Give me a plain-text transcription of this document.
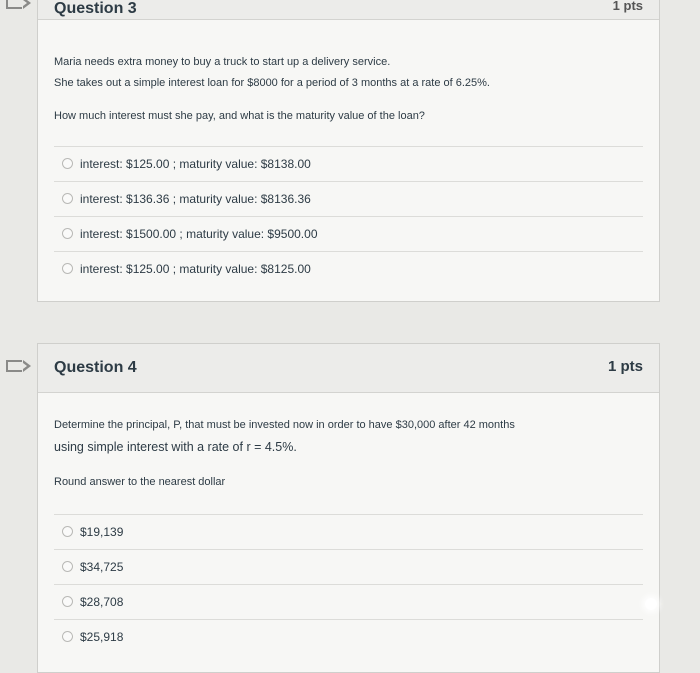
Question 3	1 pts
Maria needs extra money to buy a truck to start up a delivery service.
She takes out a simple interest loan for $8000 for a period of 3 months at a rate of 6.25%.
How much interest must she pay, and what is the maturity value of the loan?
interest: $125.00 ; maturity value: $8138.00
interest: $136.36 ; maturity value: $8136.36
interest: $1500.00 ; maturity value: $9500.00
interest: $125.00 ; maturity value: $8125.00
Question 4	1 pts
Determine the principal, P, that must be invested now in order to have $30,000 after 42 months
using simple interest with a rate of r = 4.5%.
Round answer to the nearest dollar
$19,139
$34,725
$28,708
$25,918
